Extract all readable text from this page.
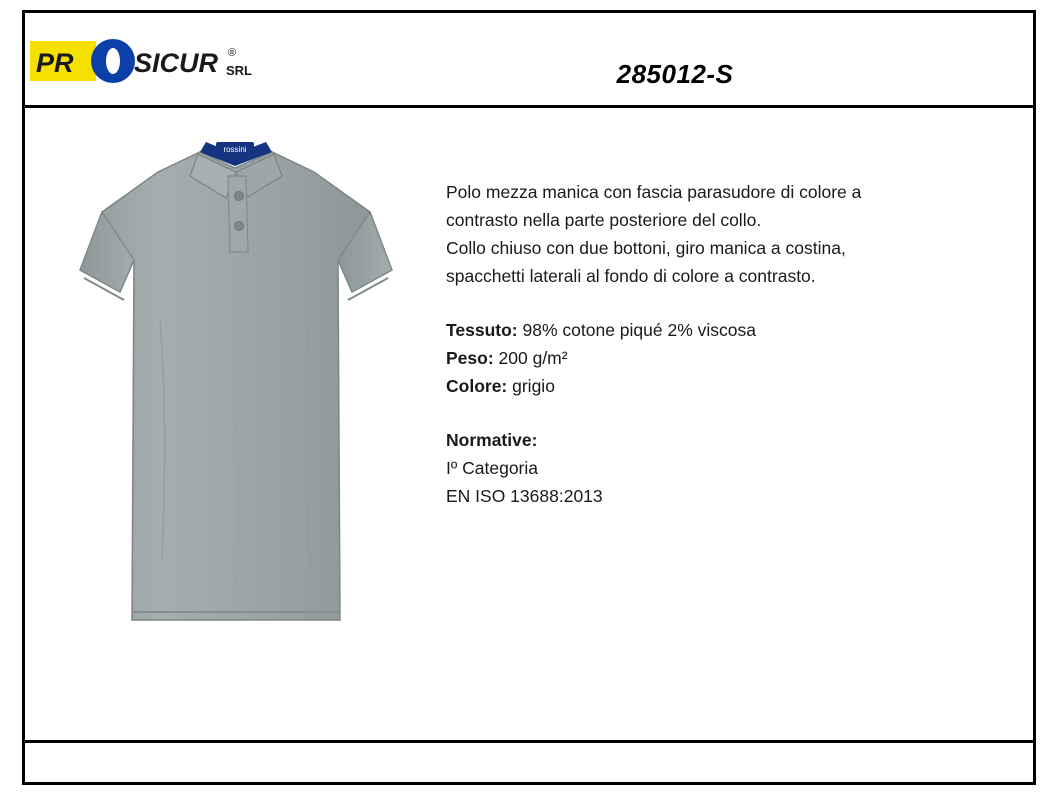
PR SICUR ®
SRL	285012-S
rossini

Polo mezza manica con fascia parasudore di colore a

contrasto nella parte posteriore del collo.

Collo chiuso con due bottoni, giro manica a costina,

spacchetti laterali al fondo di colore a contrasto.

Tessuto: 98% cotone piqué 2% viscosa

Peso: 200 g/m²

Colore: grigio

Normative:

Iº Categoria

EN ISO 13688:2013
